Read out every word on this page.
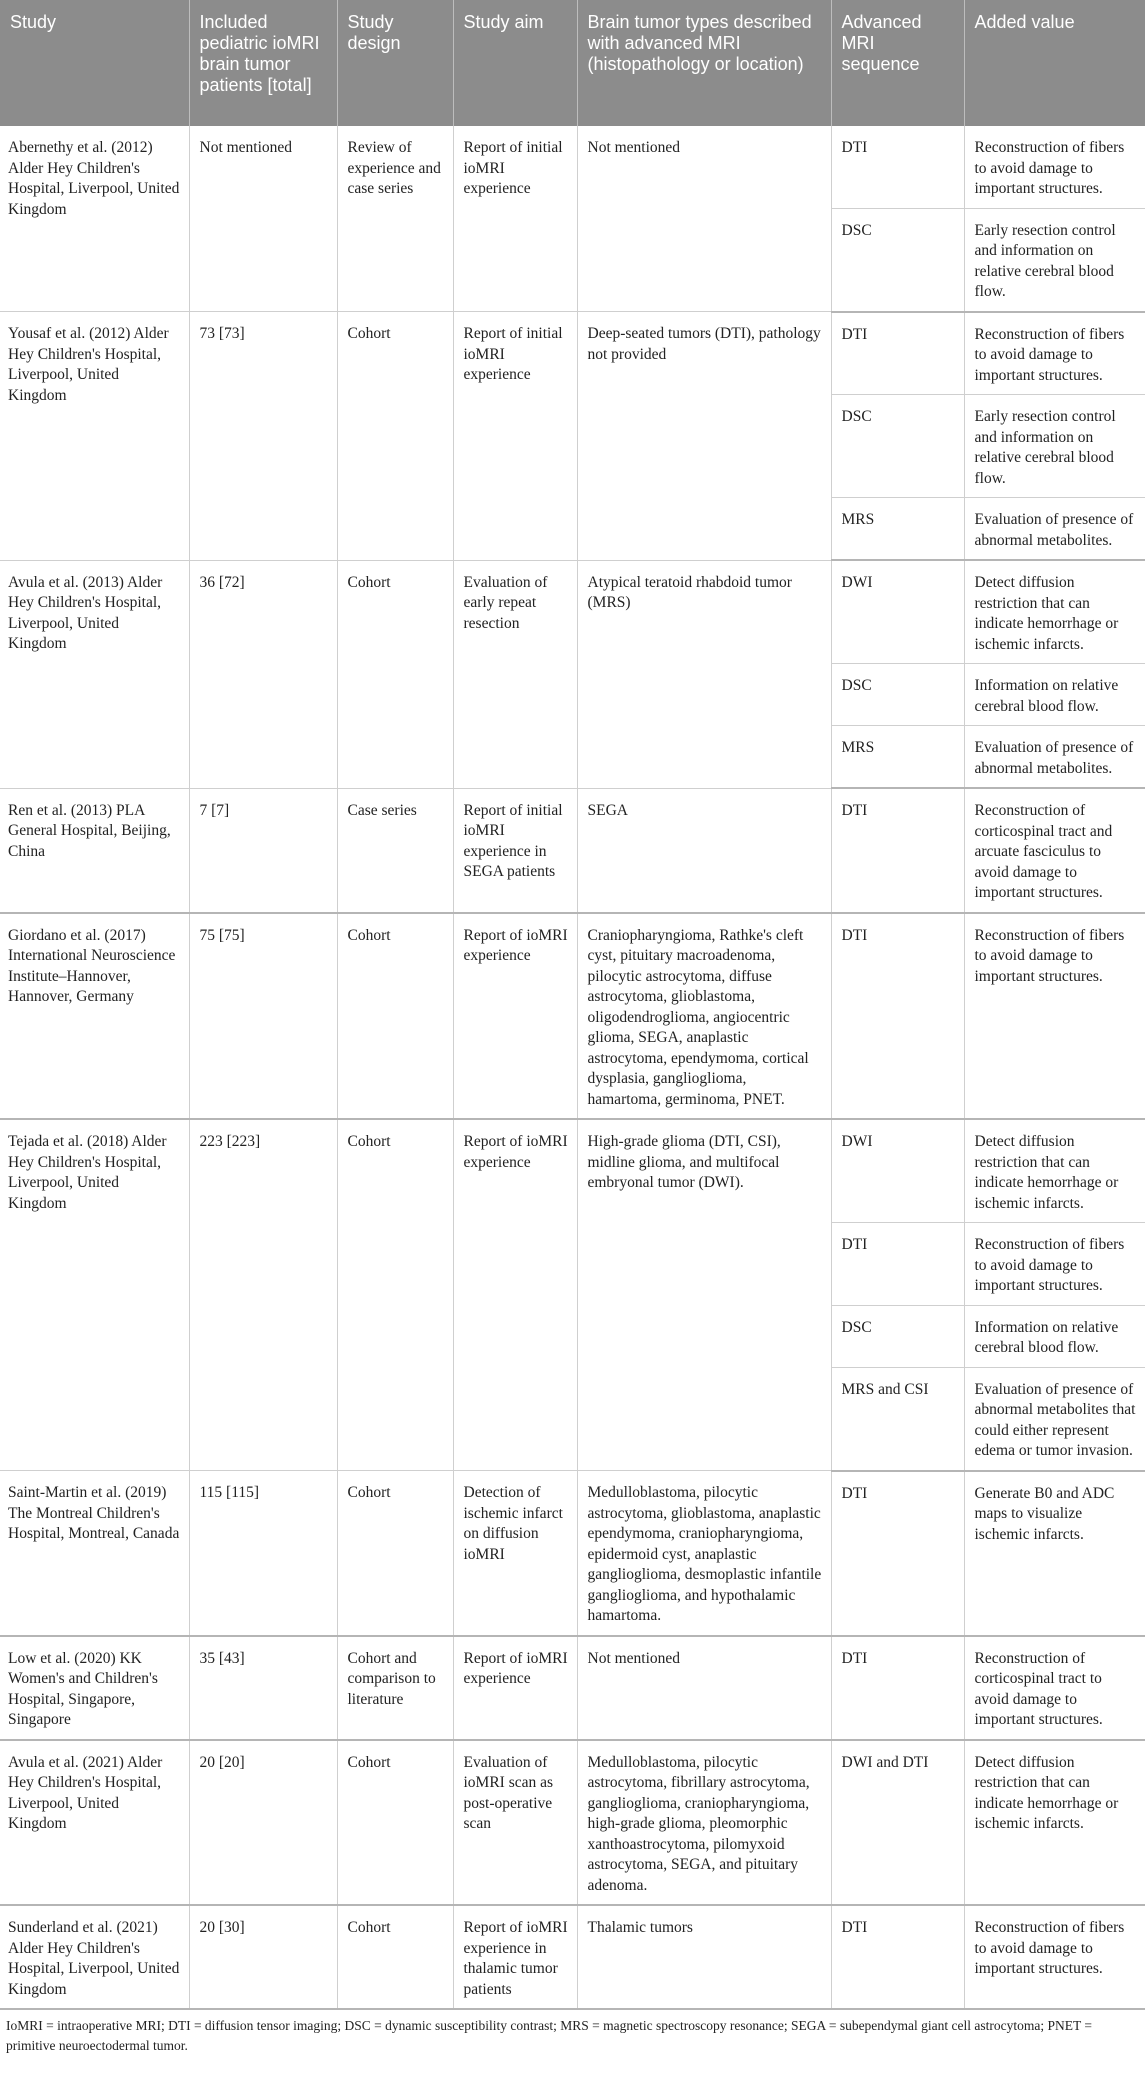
Study	Included pediatric ioMRI brain tumor patients [total]	Study design	Study aim	Brain tumor types described with advanced MRI (histopathology or location)	Advanced MRI sequence	Added value
Abernethy et al. (2012) Alder Hey Children's Hospital, Liverpool, United Kingdom	Not mentioned	Review of experience and case series	Report of initial ioMRI experience	Not mentioned	DTI	Reconstruction of fibers to avoid damage to important structures.
					DSC	Early resection control and information on relative cerebral blood flow.
Yousaf et al. (2012) Alder Hey Children's Hospital, Liverpool, United Kingdom	73 [73]	Cohort	Report of initial ioMRI experience	Deep-seated tumors (DTI), pathology not provided	DTI	Reconstruction of fibers to avoid damage to important structures.
					DSC	Early resection control and information on relative cerebral blood flow.
					MRS	Evaluation of presence of abnormal metabolites.
Avula et al. (2013) Alder Hey Children's Hospital, Liverpool, United Kingdom	36 [72]	Cohort	Evaluation of early repeat resection	Atypical teratoid rhabdoid tumor (MRS)	DWI	Detect diffusion restriction that can indicate hemorrhage or ischemic infarcts.
					DSC	Information on relative cerebral blood flow.
					MRS	Evaluation of presence of abnormal metabolites.
Ren et al. (2013) PLA General Hospital, Beijing, China	7 [7]	Case series	Report of initial ioMRI experience in SEGA patients	SEGA	DTI	Reconstruction of corticospinal tract and arcuate fasciculus to avoid damage to important structures.
Giordano et al. (2017) International Neuroscience Institute–Hannover, Hannover, Germany	75 [75]	Cohort	Report of ioMRI experience	Craniopharyngioma, Rathke's cleft cyst, pituitary macroadenoma, pilocytic astrocytoma, diffuse astrocytoma, glioblastoma, oligodendroglioma, angiocentric glioma, SEGA, anaplastic astrocytoma, ependymoma, cortical dysplasia, ganglioglioma, hamartoma, germinoma, PNET.	DTI	Reconstruction of fibers to avoid damage to important structures.
Tejada et al. (2018) Alder Hey Children's Hospital, Liverpool, United Kingdom	223 [223]	Cohort	Report of ioMRI experience	High-grade glioma (DTI, CSI), midline glioma, and multifocal embryonal tumor (DWI).	DWI	Detect diffusion restriction that can indicate hemorrhage or ischemic infarcts.
					DTI	Reconstruction of fibers to avoid damage to important structures.
					DSC	Information on relative cerebral blood flow.
					MRS and CSI	Evaluation of presence of abnormal metabolites that could either represent edema or tumor invasion.
Saint-Martin et al. (2019) The Montreal Children's Hospital, Montreal, Canada	115 [115]	Cohort	Detection of ischemic infarct on diffusion ioMRI	Medulloblastoma, pilocytic astrocytoma, glioblastoma, anaplastic ependymoma, craniopharyngioma, epidermoid cyst, anaplastic ganglioglioma, desmoplastic infantile ganglioglioma, and hypothalamic hamartoma.	DTI	Generate B0 and ADC maps to visualize ischemic infarcts.
Low et al. (2020) KK Women's and Children's Hospital, Singapore, Singapore	35 [43]	Cohort and comparison to literature	Report of ioMRI experience	Not mentioned	DTI	Reconstruction of corticospinal tract to avoid damage to important structures.
Avula et al. (2021) Alder Hey Children's Hospital, Liverpool, United Kingdom	20 [20]	Cohort	Evaluation of ioMRI scan as post-operative scan	Medulloblastoma, pilocytic astrocytoma, fibrillary astrocytoma, ganglioglioma, craniopharyngioma, high-grade glioma, pleomorphic xanthoastrocytoma, pilomyxoid astrocytoma, SEGA, and pituitary adenoma.	DWI and DTI	Detect diffusion restriction that can indicate hemorrhage or ischemic infarcts.
Sunderland et al. (2021) Alder Hey Children's Hospital, Liverpool, United Kingdom	20 [30]	Cohort	Report of ioMRI experience in thalamic tumor patients	Thalamic tumors	DTI	Reconstruction of fibers to avoid damage to important structures.
IoMRI = intraoperative MRI; DTI = diffusion tensor imaging; DSC = dynamic susceptibility contrast; MRS = magnetic spectroscopy resonance; SEGA = subependymal giant cell astrocytoma; PNET = primitive neuroectodermal tumor.
